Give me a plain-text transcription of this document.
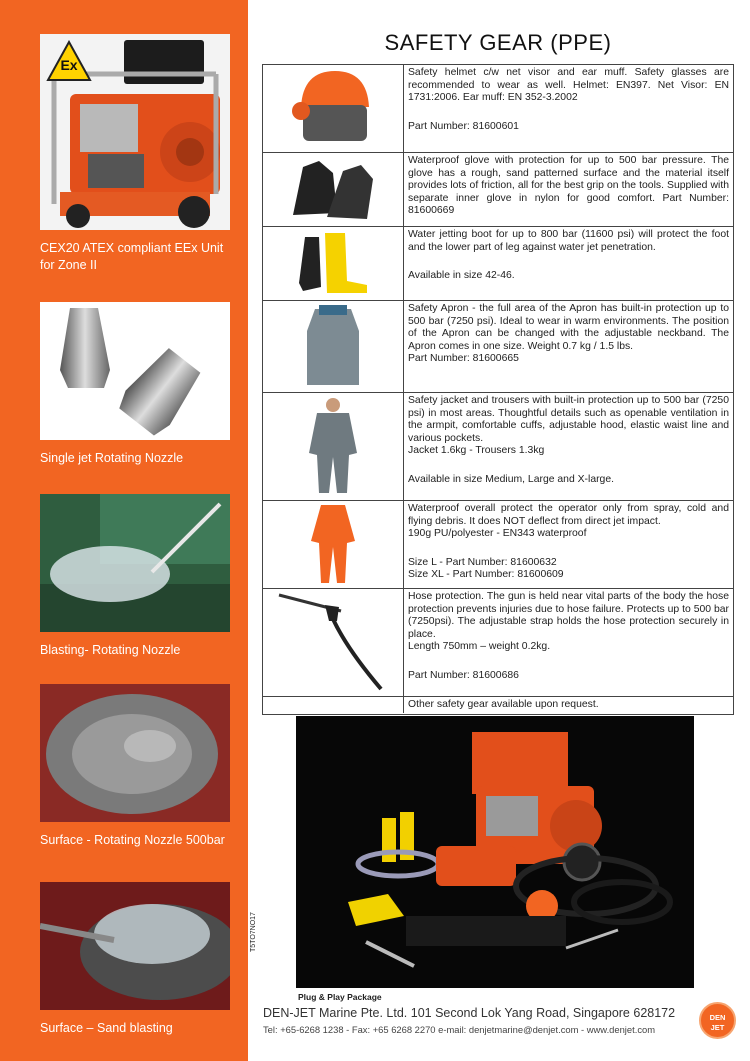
Ex
CEX20 ATEX compliant EEx Unit for Zone II
Single jet Rotating Nozzle
Blasting- Rotating Nozzle
Surface - Rotating Nozzle 500bar
Surface – Sand blasting
SAFETY GEAR (PPE)

Safety helmet c/w net visor and ear muff. Safety glasses are recommended to wear as well. Helmet: EN397. Net Visor: EN 1731:2006. Ear muff: EN 352-3.2002

Part Number: 81600601

Waterproof glove with protection for up to 500 bar pressure. The glove has a rough, sand patterned surface and the material itself provides lots of friction, all for the best grip on the tools. Supplied with separate inner glove in nylon for good comfort. Part Number: 81600669

Water jetting boot for up to 800 bar (11600 psi) will protect the foot and the lower part of leg against water jet penetration.

Available in size 42-46.

Safety Apron - the full area of the Apron has built-in protection up to 500 bar (7250 psi). Ideal to wear in warm environments. The position of the Apron can be changed with the adjustable neckband. The Apron comes in one size. Weight 0.7 kg / 1.5 lbs.

Part Number: 81600665

Safety jacket and trousers with built-in protection up to 500 bar (7250 psi) in most areas. Thoughtful details such as openable ventilation in the armpit, comfortable cuffs, adjustable hood, elastic waist line and various pockets.

Jacket 1.6kg - Trousers 1.3kg

Available in size Medium, Large and X-large.

Waterproof overall protect the operator only from spray, cold and flying debris. It does NOT deflect from direct jet impact.

190g PU/polyester - EN343 waterproof

Size L - Part Number: 81600632

Size XL - Part Number: 81600609

Hose protection. The gun is held near vital parts of the body the hose protection prevents injuries due to hose failure. Protects up to 500 bar (7250psi). The adjustable strap holds the hose protection securely in place.

Length 750mm – weight 0.2kg.

Part Number: 81600686

Other safety gear available upon request.
Plug & Play Package
T5TO7NO17
DEN-JET Marine Pte. Ltd. 101 Second Lok Yang Road, Singapore 628172
Tel: +65-6268 1238 - Fax: +65 6268 2270 e-mail: denjetmarine@denjet.com - www.denjet.com
DEN
JET
